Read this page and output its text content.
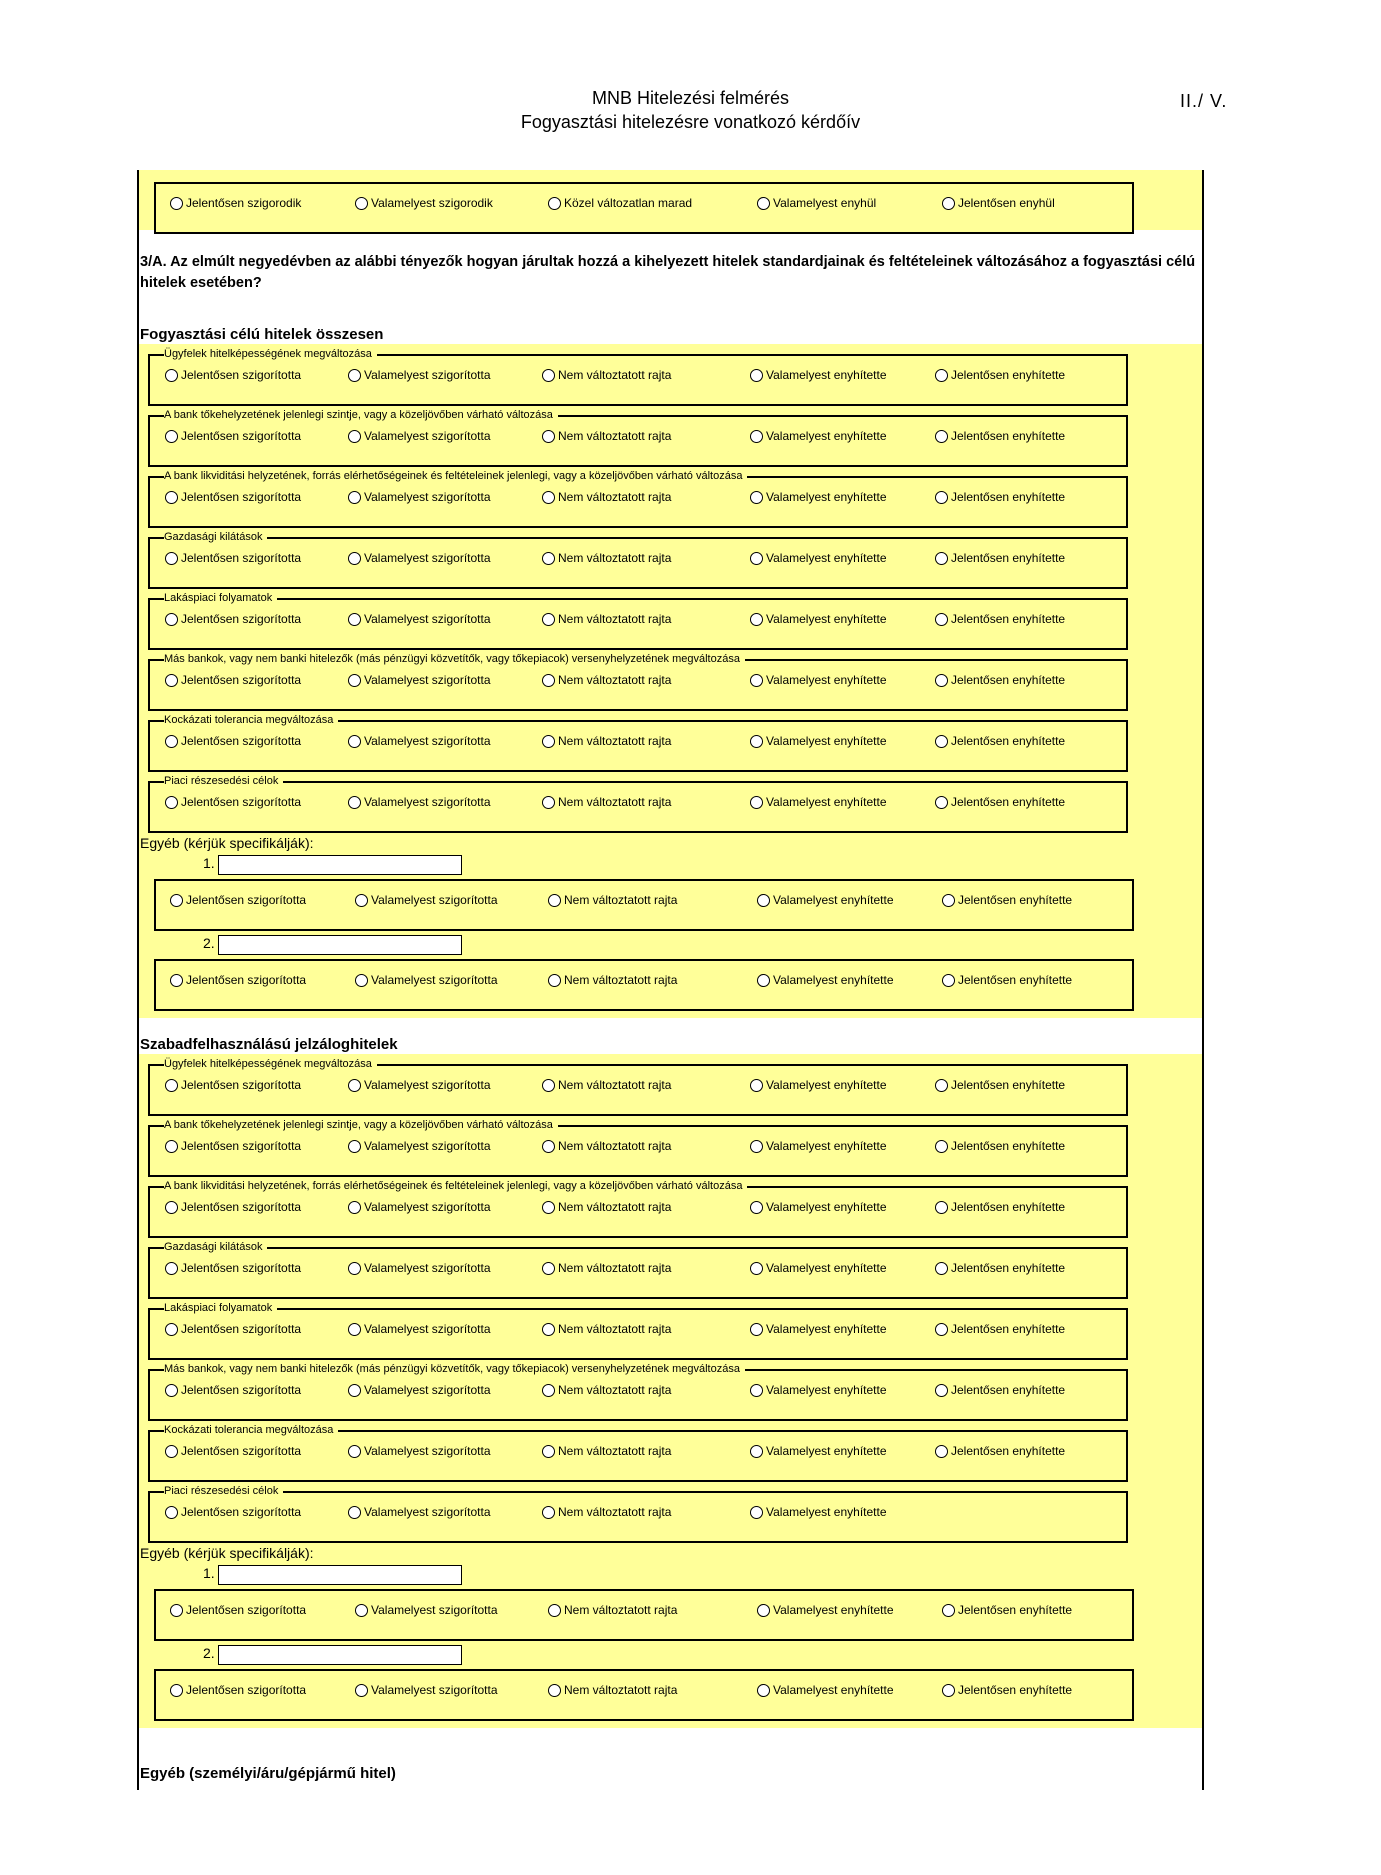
MNB Hitelezési felmérés
Fogyasztási hitelezésre vonatkozó kérdőív
II./ V.
3/A. Az elmúlt negyedévben az alábbi tényezők hogyan járultak hozzá a kihelyezett hitelek standardjainak és feltételeinek változásához a fogyasztási célú hitelek esetében?
Jelentősen szigorodik	Valamelyest szigorodik	Közel változatlan marad	Valamelyest enyhül	Jelentősen enyhül
Fogyasztási célú hitelek összesen
Ügyfelek hitelképességének megváltozása
Jelentősen szigorította	Valamelyest szigorította	Nem változtatott rajta	Valamelyest enyhítette	Jelentősen enyhítette
A bank tőkehelyzetének jelenlegi szintje, vagy a közeljövőben várható változása
Jelentősen szigorította	Valamelyest szigorította	Nem változtatott rajta	Valamelyest enyhítette	Jelentősen enyhítette
A bank likviditási helyzetének, forrás elérhetőségeinek és feltételeinek jelenlegi, vagy a közeljövőben várható változása
Jelentősen szigorította	Valamelyest szigorította	Nem változtatott rajta	Valamelyest enyhítette	Jelentősen enyhítette
Gazdasági kilátások
Jelentősen szigorította	Valamelyest szigorította	Nem változtatott rajta	Valamelyest enyhítette	Jelentősen enyhítette
Lakáspiaci folyamatok
Jelentősen szigorította	Valamelyest szigorította	Nem változtatott rajta	Valamelyest enyhítette	Jelentősen enyhítette
Más bankok, vagy nem banki hitelezők (más pénzügyi közvetítők, vagy tőkepiacok) versenyhelyzetének megváltozása
Jelentősen szigorította	Valamelyest szigorította	Nem változtatott rajta	Valamelyest enyhítette	Jelentősen enyhítette
Kockázati tolerancia megváltozása
Jelentősen szigorította	Valamelyest szigorította	Nem változtatott rajta	Valamelyest enyhítette	Jelentősen enyhítette
Piaci részesedési célok
Jelentősen szigorította	Valamelyest szigorította	Nem változtatott rajta	Valamelyest enyhítette	Jelentősen enyhítette
Egyéb (kérjük specifikálják):
1.
Jelentősen szigorította	Valamelyest szigorította	Nem változtatott rajta	Valamelyest enyhítette	Jelentősen enyhítette
2.
Jelentősen szigorította	Valamelyest szigorította	Nem változtatott rajta	Valamelyest enyhítette	Jelentősen enyhítette
Szabadfelhasználású jelzáloghitelek
Ügyfelek hitelképességének megváltozása
Jelentősen szigorította	Valamelyest szigorította	Nem változtatott rajta	Valamelyest enyhítette	Jelentősen enyhítette
A bank tőkehelyzetének jelenlegi szintje, vagy a közeljövőben várható változása
Jelentősen szigorította	Valamelyest szigorította	Nem változtatott rajta	Valamelyest enyhítette	Jelentősen enyhítette
A bank likviditási helyzetének, forrás elérhetőségeinek és feltételeinek jelenlegi, vagy a közeljövőben várható változása
Jelentősen szigorította	Valamelyest szigorította	Nem változtatott rajta	Valamelyest enyhítette	Jelentősen enyhítette
Gazdasági kilátások
Jelentősen szigorította	Valamelyest szigorította	Nem változtatott rajta	Valamelyest enyhítette	Jelentősen enyhítette
Lakáspiaci folyamatok
Jelentősen szigorította	Valamelyest szigorította	Nem változtatott rajta	Valamelyest enyhítette	Jelentősen enyhítette
Más bankok, vagy nem banki hitelezők (más pénzügyi közvetítők, vagy tőkepiacok) versenyhelyzetének megváltozása
Jelentősen szigorította	Valamelyest szigorította	Nem változtatott rajta	Valamelyest enyhítette	Jelentősen enyhítette
Kockázati tolerancia megváltozása
Jelentősen szigorította	Valamelyest szigorította	Nem változtatott rajta	Valamelyest enyhítette	Jelentősen enyhítette
Piaci részesedési célok
Jelentősen szigorította	Valamelyest szigorította	Nem változtatott rajta	Valamelyest enyhítette
Egyéb (kérjük specifikálják):
1.
Jelentősen szigorította	Valamelyest szigorította	Nem változtatott rajta	Valamelyest enyhítette	Jelentősen enyhítette
2.
Jelentősen szigorította	Valamelyest szigorította	Nem változtatott rajta	Valamelyest enyhítette	Jelentősen enyhítette
Egyéb (személyi/áru/gépjármű hitel)
